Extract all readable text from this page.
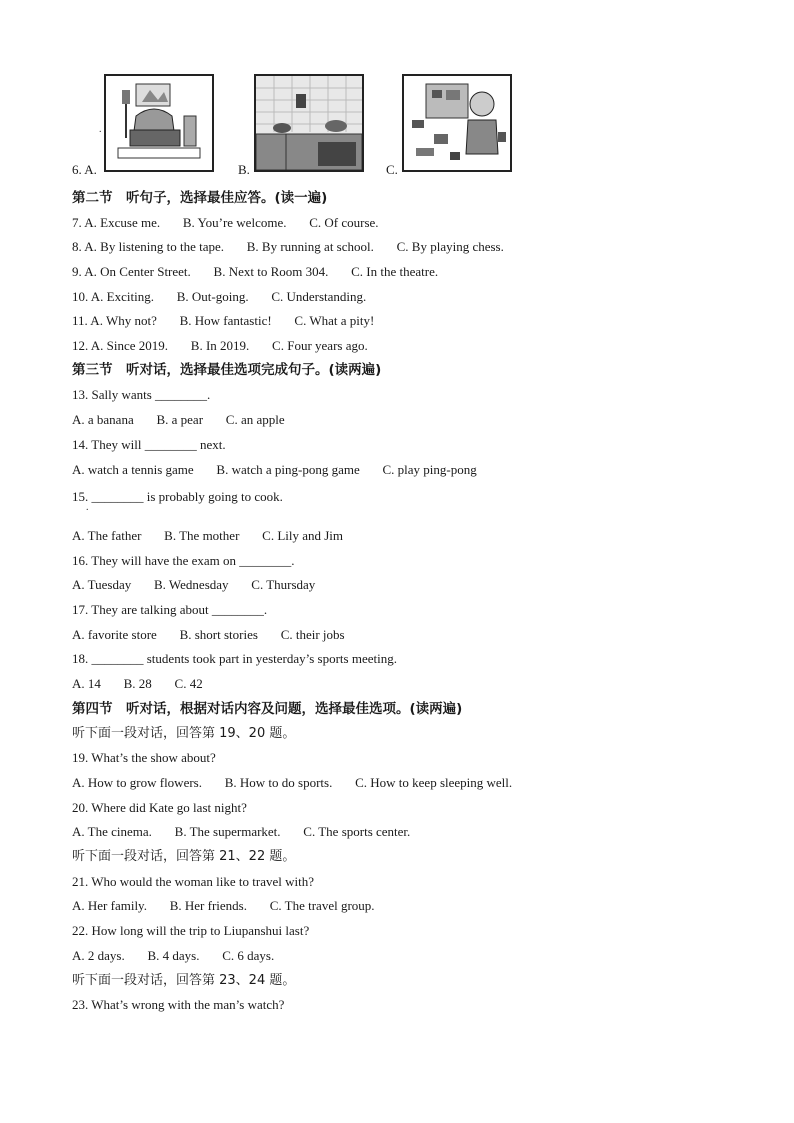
6. A.
.
B.	C.
第二节　听句子，选择最佳应答。(读一遍)
7. A. Excuse me.       B. You’re welcome.       C. Of course.
8. A. By listening to the tape.       B. By running at school.       C. By playing chess.
9. A. On Center Street.       B. Next to Room 304.       C. In the theatre.
10. A. Exciting.       B. Out-going.       C. Understanding.
11. A. Why not?       B. How fantastic!       C. What a pity!
12. A. Since 2019.       B. In 2019.       C. Four years ago.
第三节　听对话，选择最佳选项完成句子。(读两遍)
13. Sally wants ________.
A. a banana       B. a pear       C. an apple
14. They will ________ next.
A. watch a tennis game       B. watch a ping-pong game       C. play ping-pong
15. ________ is probably going to cook.
.
A. The father       B. The mother       C. Lily and Jim
16. They will have the exam on ________.
A. Tuesday       B. Wednesday       C. Thursday
17. They are talking about ________.
A. favorite store       B. short stories       C. their jobs
18. ________ students took part in yesterday’s sports meeting.
A. 14       B. 28       C. 42
第四节　听对话，根据对话内容及问题，选择最佳选项。(读两遍)
听下面一段对话，回答第 19、20 题。
19. What’s the show about?
A. How to grow flowers.       B. How to do sports.       C. How to keep sleeping well.
20. Where did Kate go last night?
A. The cinema.       B. The supermarket.       C. The sports center.
听下面一段对话，回答第 21、22 题。
21. Who would the woman like to travel with?
A. Her family.       B. Her friends.       C. The travel group.
22. How long will the trip to Liupanshui last?
A. 2 days.       B. 4 days.       C. 6 days.
听下面一段对话，回答第 23、24 题。
23. What’s wrong with the man’s watch?
